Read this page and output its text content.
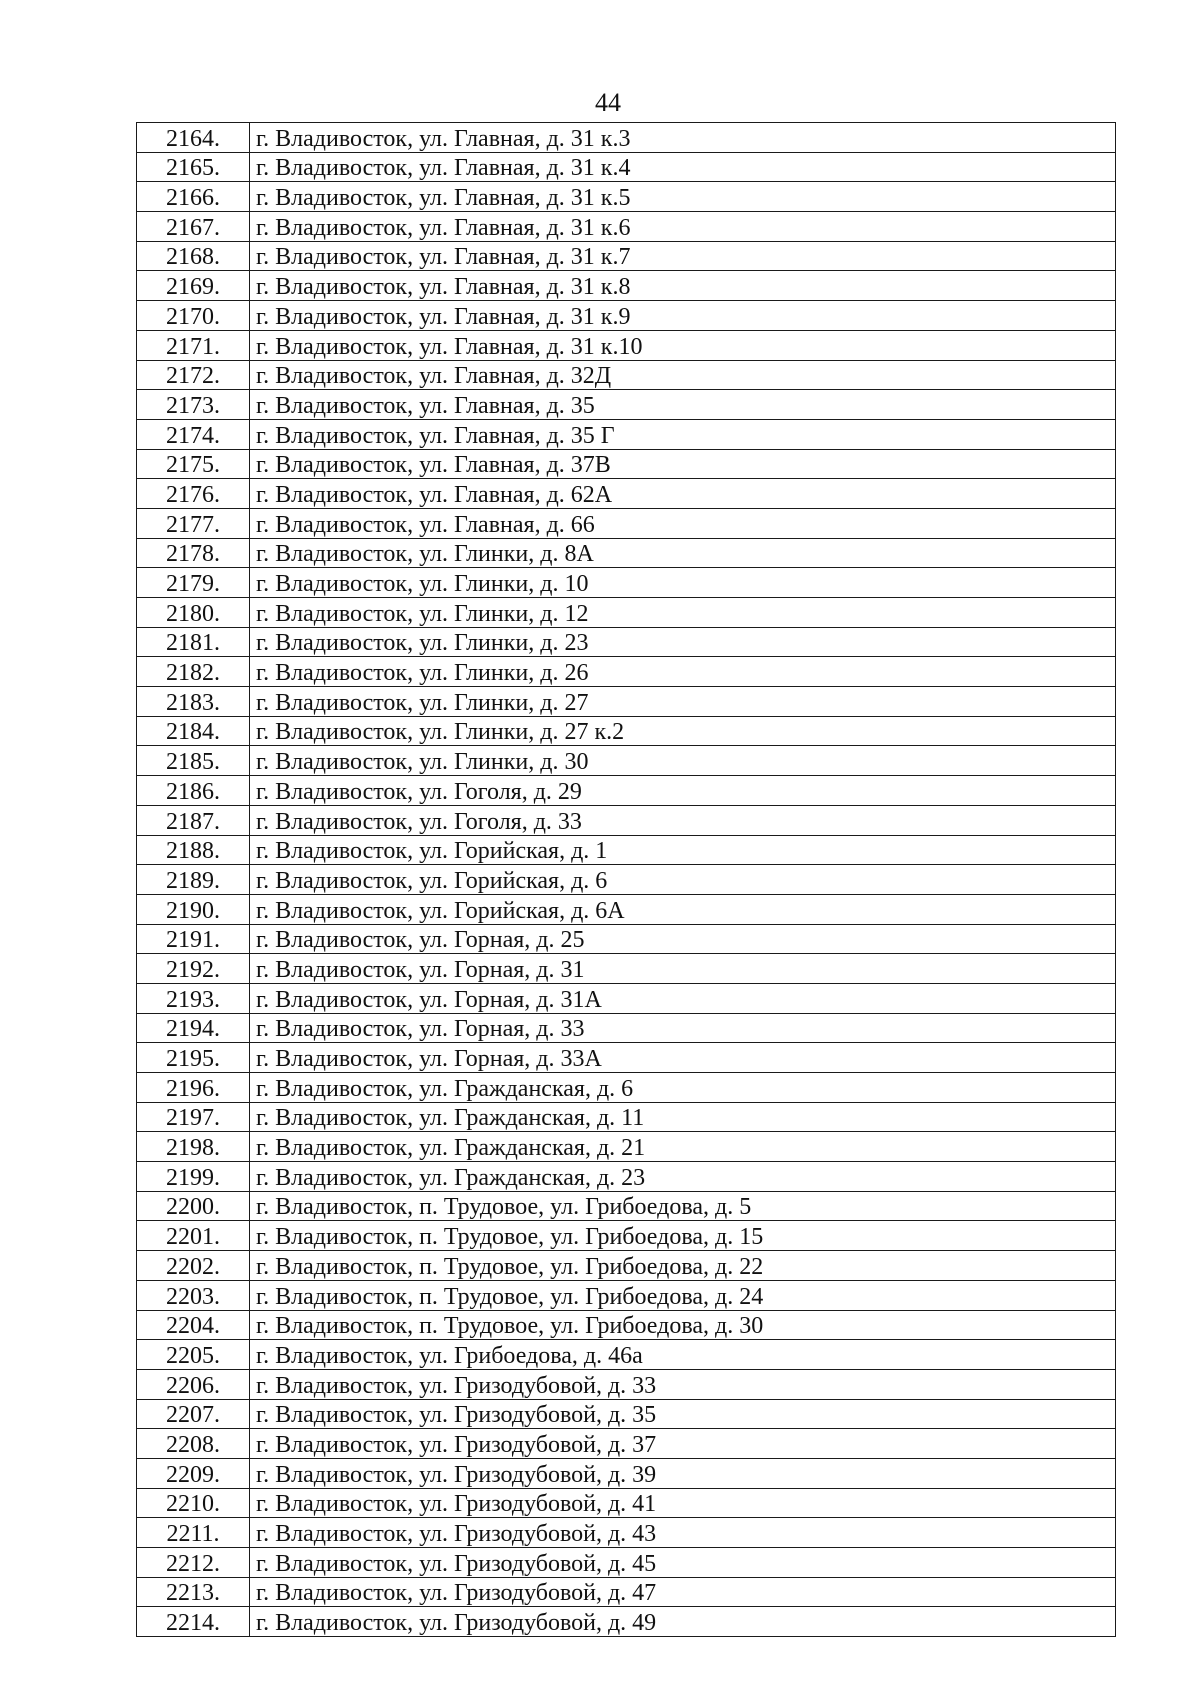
44
2164.	г. Владивосток, ул. Главная, д. 31 к.3
2165.	г. Владивосток, ул. Главная, д. 31 к.4
2166.	г. Владивосток, ул. Главная, д. 31 к.5
2167.	г. Владивосток, ул. Главная, д. 31 к.6
2168.	г. Владивосток, ул. Главная, д. 31 к.7
2169.	г. Владивосток, ул. Главная, д. 31 к.8
2170.	г. Владивосток, ул. Главная, д. 31 к.9
2171.	г. Владивосток, ул. Главная, д. 31 к.10
2172.	г. Владивосток, ул. Главная, д. 32Д
2173.	г. Владивосток, ул. Главная, д. 35
2174.	г. Владивосток, ул. Главная, д. 35 Г
2175.	г. Владивосток, ул. Главная, д. 37В
2176.	г. Владивосток, ул. Главная, д. 62А
2177.	г. Владивосток, ул. Главная, д. 66
2178.	г. Владивосток, ул. Глинки, д. 8А
2179.	г. Владивосток, ул. Глинки, д. 10
2180.	г. Владивосток, ул. Глинки, д. 12
2181.	г. Владивосток, ул. Глинки, д. 23
2182.	г. Владивосток, ул. Глинки, д. 26
2183.	г. Владивосток, ул. Глинки, д. 27
2184.	г. Владивосток, ул. Глинки, д. 27 к.2
2185.	г. Владивосток, ул. Глинки, д. 30
2186.	г. Владивосток, ул. Гоголя, д. 29
2187.	г. Владивосток, ул. Гоголя, д. 33
2188.	г. Владивосток, ул. Горийская, д. 1
2189.	г. Владивосток, ул. Горийская, д. 6
2190.	г. Владивосток, ул. Горийская, д. 6А
2191.	г. Владивосток, ул. Горная, д. 25
2192.	г. Владивосток, ул. Горная, д. 31
2193.	г. Владивосток, ул. Горная, д. 31А
2194.	г. Владивосток, ул. Горная, д. 33
2195.	г. Владивосток, ул. Горная, д. 33А
2196.	г. Владивосток, ул. Гражданская, д. 6
2197.	г. Владивосток, ул. Гражданская, д. 11
2198.	г. Владивосток, ул. Гражданская, д. 21
2199.	г. Владивосток, ул. Гражданская, д. 23
2200.	г. Владивосток, п. Трудовое, ул. Грибоедова, д. 5
2201.	г. Владивосток, п. Трудовое, ул. Грибоедова, д. 15
2202.	г. Владивосток, п. Трудовое, ул. Грибоедова, д. 22
2203.	г. Владивосток, п. Трудовое, ул. Грибоедова, д. 24
2204.	г. Владивосток, п. Трудовое, ул. Грибоедова, д. 30
2205.	г. Владивосток, ул. Грибоедова, д. 46а
2206.	г. Владивосток, ул. Гризодубовой, д. 33
2207.	г. Владивосток, ул. Гризодубовой, д. 35
2208.	г. Владивосток, ул. Гризодубовой, д. 37
2209.	г. Владивосток, ул. Гризодубовой, д. 39
2210.	г. Владивосток, ул. Гризодубовой, д. 41
2211.	г. Владивосток, ул. Гризодубовой, д. 43
2212.	г. Владивосток, ул. Гризодубовой, д. 45
2213.	г. Владивосток, ул. Гризодубовой, д. 47
2214.	г. Владивосток, ул. Гризодубовой, д. 49
